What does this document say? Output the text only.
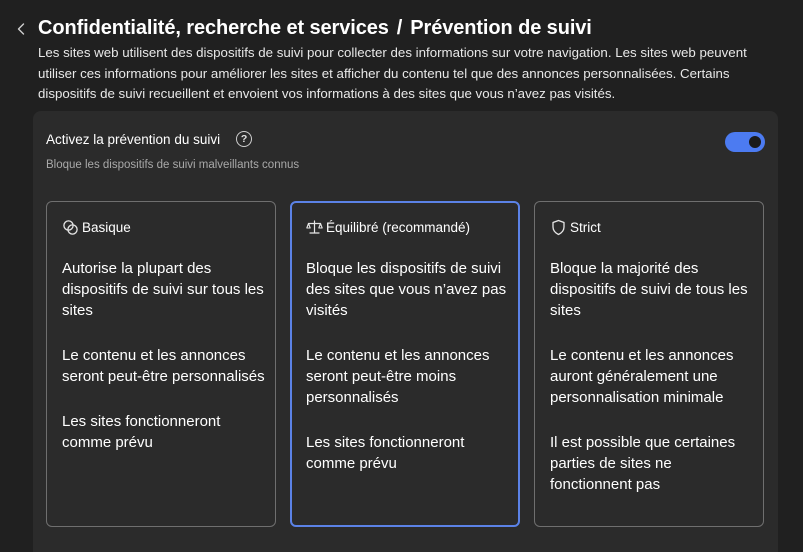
Confidentialité, recherche et services / Prévention de suivi
Les sites web utilisent des dispositifs de suivi pour collecter des informations sur votre navigation. Les sites web peuvent utiliser ces informations pour améliorer les sites et afficher du contenu tel que des annonces personnalisées. Certains dispositifs de suivi recueillent et envoient vos informations à des sites que vous n’avez pas visités.
Activez la prévention du suivi	?
Bloque les dispositifs de suivi malveillants connus
Basique

Autorise la plupart des dispositifs de suivi sur tous les sites

Le contenu et les annonces seront peut-être personnalisés

Les sites fonctionneront comme prévu

Équilibré (recommandé)

Bloque les dispositifs de suivi des sites que vous n’avez pas visités

Le contenu et les annonces seront peut-être moins personnalisés

Les sites fonctionneront comme prévu

Strict

Bloque la majorité des dispositifs de suivi de tous les sites

Le contenu et les annonces auront généralement une personnalisation minimale

Il est possible que certaines parties de sites ne fonctionnent pas
